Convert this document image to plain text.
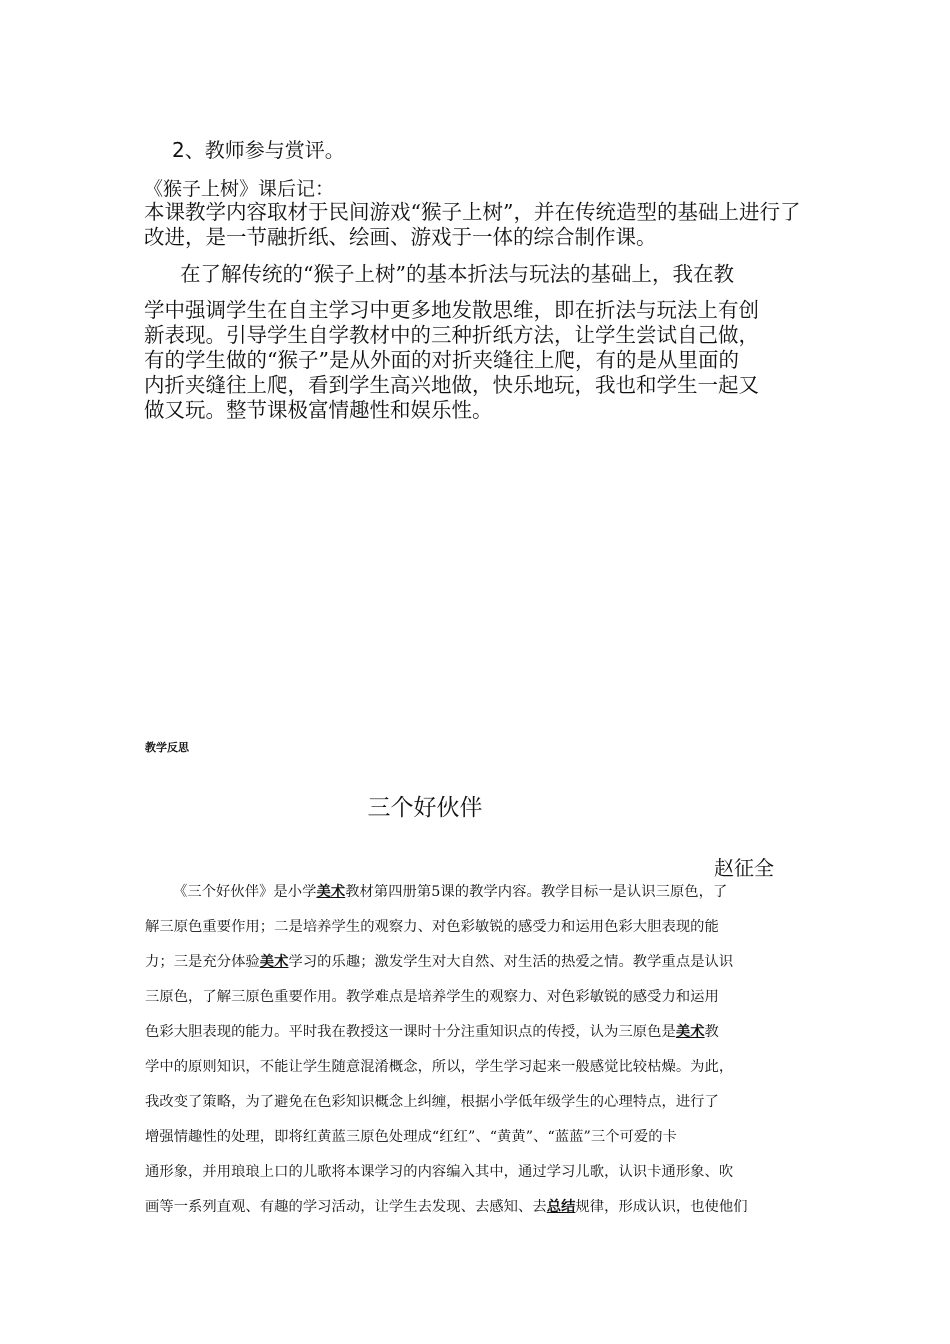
2、教师参与赏评。
《猴子上树》课后记：

本课教学内容取材于民间游戏“猴子上树”，并在传统造型的基础上进行了改进，是一节融折纸、绘画、游戏于一体的综合制作课。

在了解传统的“猴子上树”的基本折法与玩法的基础上，我在教
学中强调学生在自主学习中更多地发散思维，即在折法与玩法上有创
新表现。引导学生自学教材中的三种折纸方法，让学生尝试自己做，
有的学生做的“猴子”是从外面的对折夹缝往上爬，有的是从里面的
内折夹缝往上爬，看到学生高兴地做，快乐地玩，我也和学生一起又
做又玩。整节课极富情趣性和娱乐性。
教学反思
三个好伙伴
赵征全
《三个好伙伴》是小学美术教材第四册第5课的教学内容。教学目标一是认识三原色，了
解三原色重要作用；二是培养学生的观察力、对色彩敏锐的感受力和运用色彩大胆表现的能
力；三是充分体验美术学习的乐趣；激发学生对大自然、对生活的热爱之情。教学重点是认识
三原色，了解三原色重要作用。教学难点是培养学生的观察力、对色彩敏锐的感受力和运用
色彩大胆表现的能力。平时我在教授这一课时十分注重知识点的传授，认为三原色是美术教
学中的原则知识，不能让学生随意混淆概念，所以，学生学习起来一般感觉比较枯燥。为此，
我改变了策略，为了避免在色彩知识概念上纠缠，根据小学低年级学生的心理特点，进行了
增强情趣性的处理，即将红黄蓝三原色处理成“红红”、“黄黄”、“蓝蓝”三个可爱的卡
通形象，并用琅琅上口的儿歌将本课学习的内容编入其中，通过学习儿歌，认识卡通形象、吹
画等一系列直观、有趣的学习活动，让学生去发现、去感知、去总结规律，形成认识，也使他们
